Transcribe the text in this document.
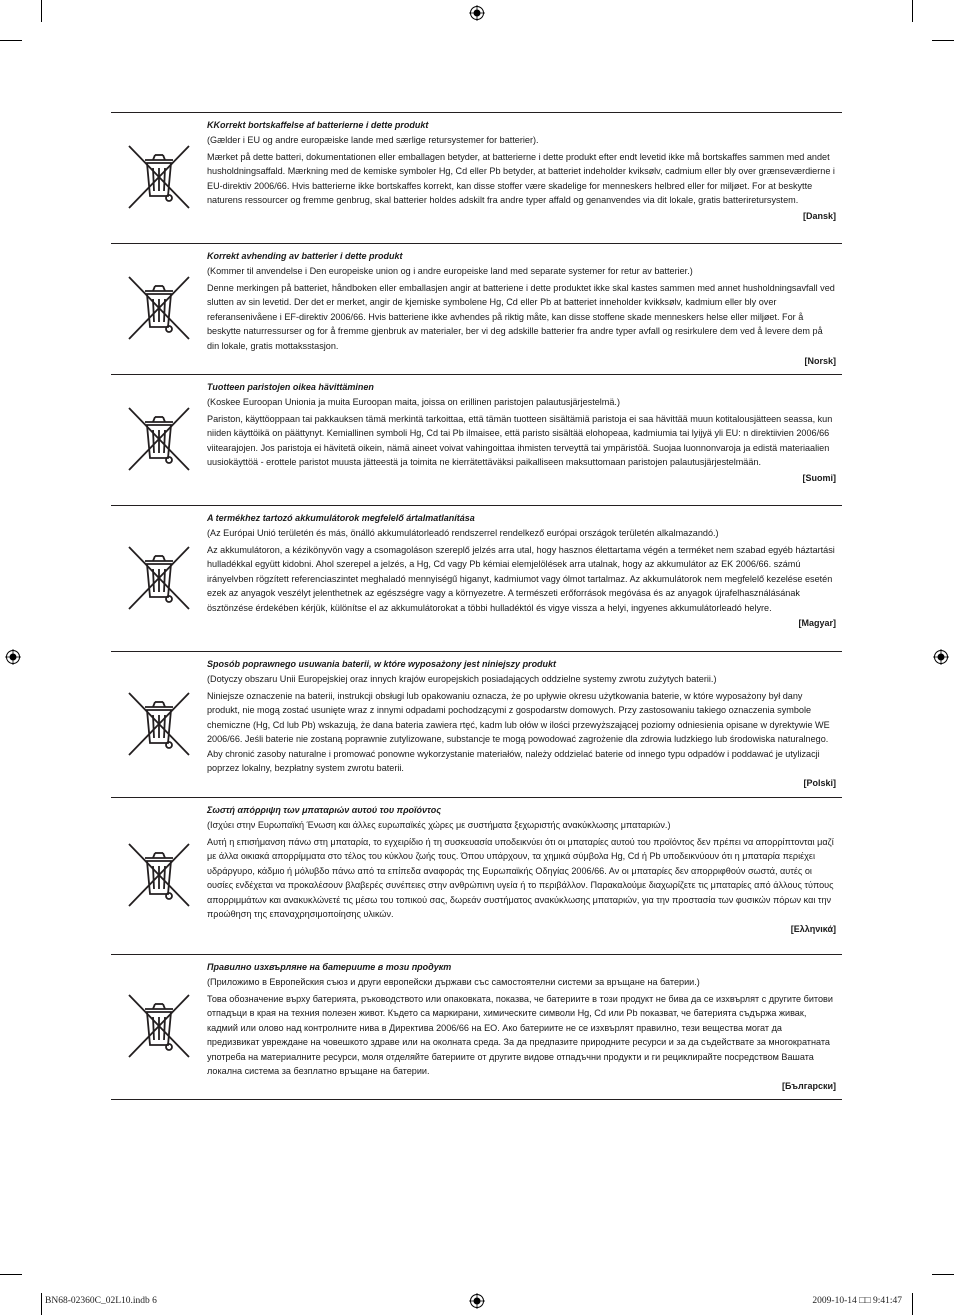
KKorrekt bortskaffelse af batterierne i dette produkt

(Gælder i EU og andre europæiske lande med særlige retursystemer for batterier).

Mærket på dette batteri, dokumentationen eller emballagen betyder, at batterierne i dette produkt efter endt levetid ikke må bortskaffes sammen med andet husholdningsaffald. Mærkning med de kemiske symboler Hg, Cd eller Pb betyder, at batteriet indeholder kviksølv, cadmium eller bly over grænseværdierne i EU-direktiv 2006/66. Hvis batterierne ikke bortskaffes korrekt, kan disse stoffer være skadelige for menneskers helbred eller for miljøet. For at beskytte naturens ressourcer og fremme genbrug, skal batterier holdes adskilt fra andre typer affald og genanvendes via dit lokale, gratis batteriretursystem.

[Dansk]

Korrekt avhending av batterier i dette produkt

(Kommer til anvendelse i Den europeiske union og i andre europeiske land med separate systemer for retur av batterier.)

Denne merkingen på batteriet, håndboken eller emballasjen angir at batteriene i dette produktet ikke skal kastes sammen med annet husholdningsavfall ved slutten av sin levetid. Der det er merket, angir de kjemiske symbolene Hg, Cd eller Pb at batteriet inneholder kvikksølv, kadmium eller bly over referansenivåene i EF-direktiv 2006/66. Hvis batteriene ikke avhendes på riktig måte, kan disse stoffene skade menneskers helse eller miljøet. For å beskytte naturressurser og for å fremme gjenbruk av materialer, ber vi deg adskille batterier fra andre typer avfall og resirkulere dem ved å levere dem på din lokale, gratis mottaksstasjon.

[Norsk]

Tuotteen paristojen oikea hävittäminen

(Koskee Euroopan Unionia ja muita Euroopan maita, joissa on erillinen paristojen palautusjärjestelmä.)

Pariston, käyttöoppaan tai pakkauksen tämä merkintä tarkoittaa, että tämän tuotteen sisältämiä paristoja ei saa hävittää muun kotitalousjätteen seassa, kun niiden käyttöikä on päättynyt. Kemiallinen symboli Hg, Cd tai Pb ilmaisee, että paristo sisältää elohopeaa, kadmiumia tai lyijyä yli EU: n direktiivien 2006/66 viitearajojen. Jos paristoja ei hävitetä oikein, nämä aineet voivat vahingoittaa ihmisten terveyttä tai ympäristöä. Suojaa luonnonvaroja ja edistä materiaalien uusiokäyttöä - erottele paristot muusta jätteestä ja toimita ne kierrätettäväksi paikalliseen maksuttomaan paristojen palautusjärjestelmään.

[Suomi]

A termékhez tartozó akkumulátorok megfelelő ártalmatlanítása

(Az Európai Unió területén és más, önálló akkumulátorleadó rendszerrel rendelkező európai országok területén alkalmazandó.)

Az akkumulátoron, a kézikönyvön vagy a csomagoláson szereplő jelzés arra utal, hogy hasznos élettartama végén a terméket nem szabad egyéb háztartási hulladékkal együtt kidobni. Ahol szerepel a jelzés, a Hg, Cd vagy Pb kémiai elemjelölések arra utalnak, hogy az akkumulátor az EK 2006/66. számú irányelvben rögzített referenciaszintet meghaladó mennyiségű higanyt, kadmiumot vagy ólmot tartalmaz. Az akkumulátorok nem megfelelő kezelése esetén ezek az anyagok veszélyt jelenthetnek az egészségre vagy a környezetre. A természeti erőforrások megóvása és az anyagok újrafelhasználásának ösztönzése érdekében kérjük, különítse el az akkumulátorokat a többi hulladéktól és vigye vissza a helyi, ingyenes akkumulátorleadó helyre.

[Magyar]

Sposób poprawnego usuwania baterii, w które wyposażony jest niniejszy produkt

(Dotyczy obszaru Unii Europejskiej oraz innych krajów europejskich posiadających oddzielne systemy zwrotu zużytych baterii.)

Niniejsze oznaczenie na baterii, instrukcji obsługi lub opakowaniu oznacza, że po upływie okresu użytkowania baterie, w które wyposażony był dany produkt, nie mogą zostać usunięte wraz z innymi odpadami pochodzącymi z gospodarstw domowych. Przy zastosowaniu takiego oznaczenia symbole chemiczne (Hg, Cd lub Pb) wskazują, że dana bateria zawiera rtęć, kadm lub ołów w ilości przewyższającej poziomy odniesienia opisane w dyrektywie WE 2006/66. Jeśli baterie nie zostaną poprawnie zutylizowane, substancje te mogą powodować zagrożenie dla zdrowia ludzkiego lub środowiska naturalnego. Aby chronić zasoby naturalne i promować ponowne wykorzystanie materiałów, należy oddzielać baterie od innego typu odpadów i poddawać je utylizacji poprzez lokalny, bezpłatny system zwrotu baterii.

[Polski]

Σωστή απόρριψη των μπαταριών αυτού του προϊόντος

(Ισχύει στην Ευρωπαϊκή Ένωση και άλλες ευρωπαϊκές χώρες με συστήματα ξεχωριστής ανακύκλωσης μπαταριών.)

Αυτή η επισήμανση πάνω στη μπαταρία, το εγχειρίδιο ή τη συσκευασία υποδεικνύει ότι οι μπαταρίες αυτού του προϊόντος δεν πρέπει να απορρίπτονται μαζί με άλλα οικιακά απορρίμματα στο τέλος του κύκλου ζωής τους. Όπου υπάρχουν, τα χημικά σύμβολα Hg, Cd ή Pb υποδεικνύουν ότι η μπαταρία περιέχει υδράργυρο, κάδμιο ή μόλυβδο πάνω από τα επίπεδα αναφοράς της Ευρωπαϊκής Οδηγίας 2006/66. Αν οι μπαταρίες δεν απορριφθούν σωστά, αυτές οι ουσίες ενδέχεται να προκαλέσουν βλαβερές συνέπειες στην ανθρώπινη υγεία ή το περιβάλλον. Παρακαλούμε διαχωρίζετε τις μπαταρίες από άλλους τύπους απορριμμάτων και ανακυκλώνετέ τις μέσω του τοπικού σας, δωρεάν συστήματος ανακύκλωσης μπαταριών, για την προστασία των φυσικών πόρων και την προώθηση της επαναχρησιμοποίησης υλικών.

[Ελληνικά]

Правилно изхвърляне на батериите в този продукт

(Приложимо в Европейския съюз и други европейски държави със самостоятелни системи за връщане на батерии.)

Това обозначение върху батерията, ръководството или опаковката, показва, че батериите в този продукт не бива да се изхвърлят с другите битови отпадъци в края на техния полезен живот. Където са маркирани, химическите символи Hg, Cd или Pb показват, че батерията съдържа живак, кадмий или олово над контролните нива в Директива 2006/66 на ЕО. Ако батериите не се изхвърлят правилно, тези вещества могат да предизвикат увреждане на човешкото здраве или на околната среда. За да предпазите природните ресурси и за да съдействате за многократната употреба на материалните ресурси, моля отделяйте батериите от другите видове отпадъчни продукти и ги рециклирайте посредством Вашата локална система за безплатно връщане на батерии.

[Български]
BN68-02360C_02L10.indb 6	2009-10-14 □□ 9:41:47
